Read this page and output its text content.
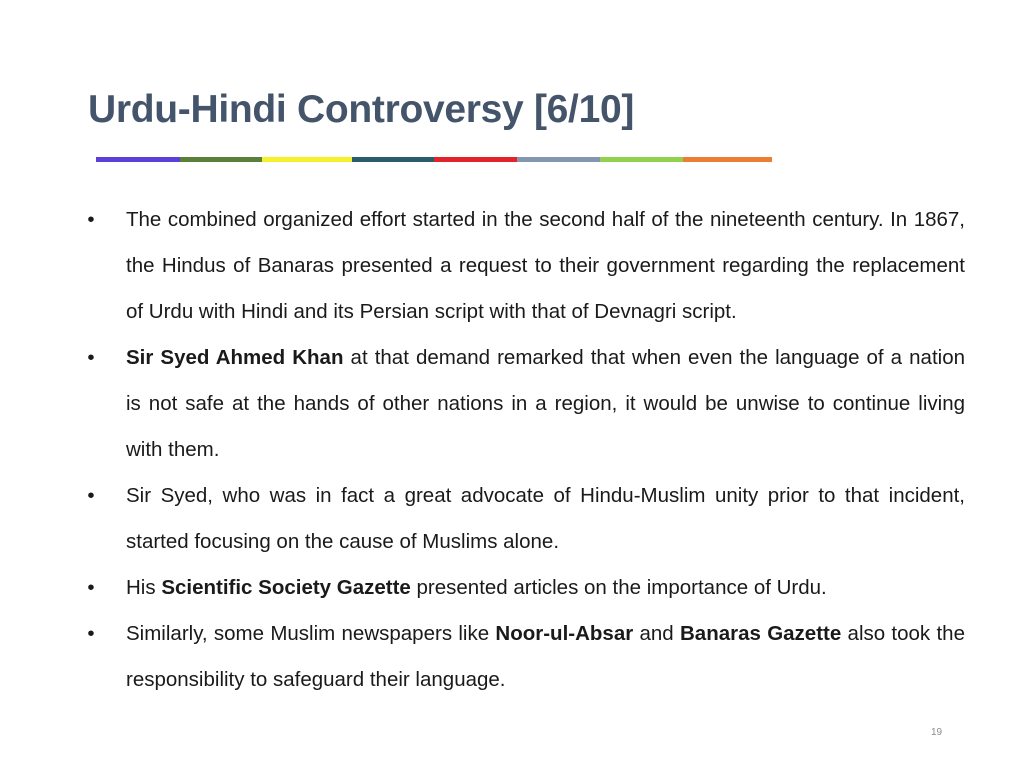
Urdu-Hindi Controversy [6/10]
• The combined organized effort started in the second half of the nineteenth century. In 1867, the Hindus of Banaras presented a request to their government regarding the replacement of Urdu with Hindi and its Persian script with that of Devnagri script.
• Sir Syed Ahmed Khan at that demand remarked that when even the language of a nation is not safe at the hands of other nations in a region, it would be unwise to continue living with them.
• Sir Syed, who was in fact a great advocate of Hindu-Muslim unity prior to that incident, started focusing on the cause of Muslims alone.
• His Scientific Society Gazette presented articles on the importance of Urdu.
• Similarly, some Muslim newspapers like Noor-ul-Absar and Banaras Gazette also took the responsibility to safeguard their language.
19
